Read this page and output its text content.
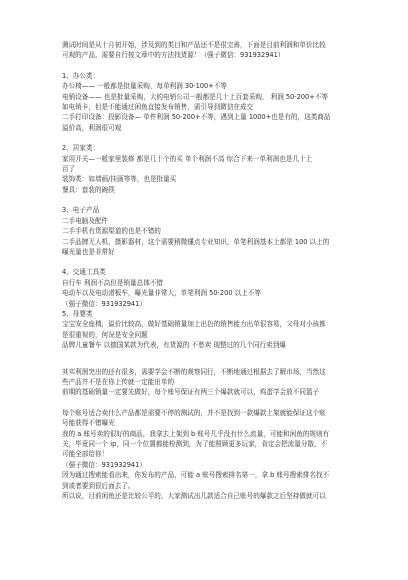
测试时间是从十月初开始，涉及到的类目和产品还不是很完善，下面是目前利润和单价比较

可观的产品，需要自行按文章中的方法找货源！（强子微信：931932941）

1、办公类：

办公椅—— 一般都是批量采购，每单利润 30-100+不等

电销设备—— 也是批量采购，大的电销公司一般都是几十上百套采购， 利润 50-200+不等

如电销卡，但是不能通过闲鱼直接发布销售，需引导到微信在成交

二手打印设备：投影设备— 单件利润 50-200+不等，遇到上量 1000+也是有的，这类商品

溢价高，利润很可观

2、居家类：

家用开关—一般家里装修 都是几十个的买 单个利润不高 综合下来一单利润也是几十上

百了

装饰类：如墙画/挂画等等，也是批量买

餐具：套装的碗筷

3、电子产品

二手电脑及配件

二手手机有货源渠道的也是不错的

二手品牌无人机，摄影器材，这个需要稍微懂点专业知识，单笔利润基本上都是 100 以上的

曝光量也是非常好

4、交通工具类

自行车 利润不高但是销量总体不错

电动车以及电动滑板车，曝光量非常大，单笔利润 50-200 以上不等

（强子微信：931932941）

5、母婴类

宝宝安全座椅，溢价比较高，做好基础销量加上出色的销售能力出单很容易，父母对小孩都

是很重视的，何况是安全问题

品牌儿童餐车 以德国某款为代表，有货源的 不愁卖 现整过的几个同行卖到爆

其实利润突出的还有很多，需要学会不断的观察同行，不断地通过根据去了解市场，当然这

些产品并不是在你上传就一定能出单的

前期的基础销量一定要先做好，每个账号保证有两三个爆款就可以，鸡蛋学会放不同篮子

每个账号适合卖什么产品都是需要不停的测试的，并不是找到一款爆款上架就能保证这个账

号能获得不错曝光

我的 a 账号卖的很好的商品，我拿去上架到 b 账号几乎没有什么流量，可能和闲鱼的规则有

关，毕竟同一个 ip，同一个位置都能检测到，为了能照顾更多玩家，肯定会把流量分散，不

可能全部给你！

（强子微信：931932941）

因为通过搜索能看出来，你发布的产品，可能 a 账号搜索排名第一，拿 b 账号搜索排名找不

到或者要到很后面去了。

所以说，目前闲鱼还是比较公平的，大家测试出几款适合自己账号的爆款之后坚持做就可以
